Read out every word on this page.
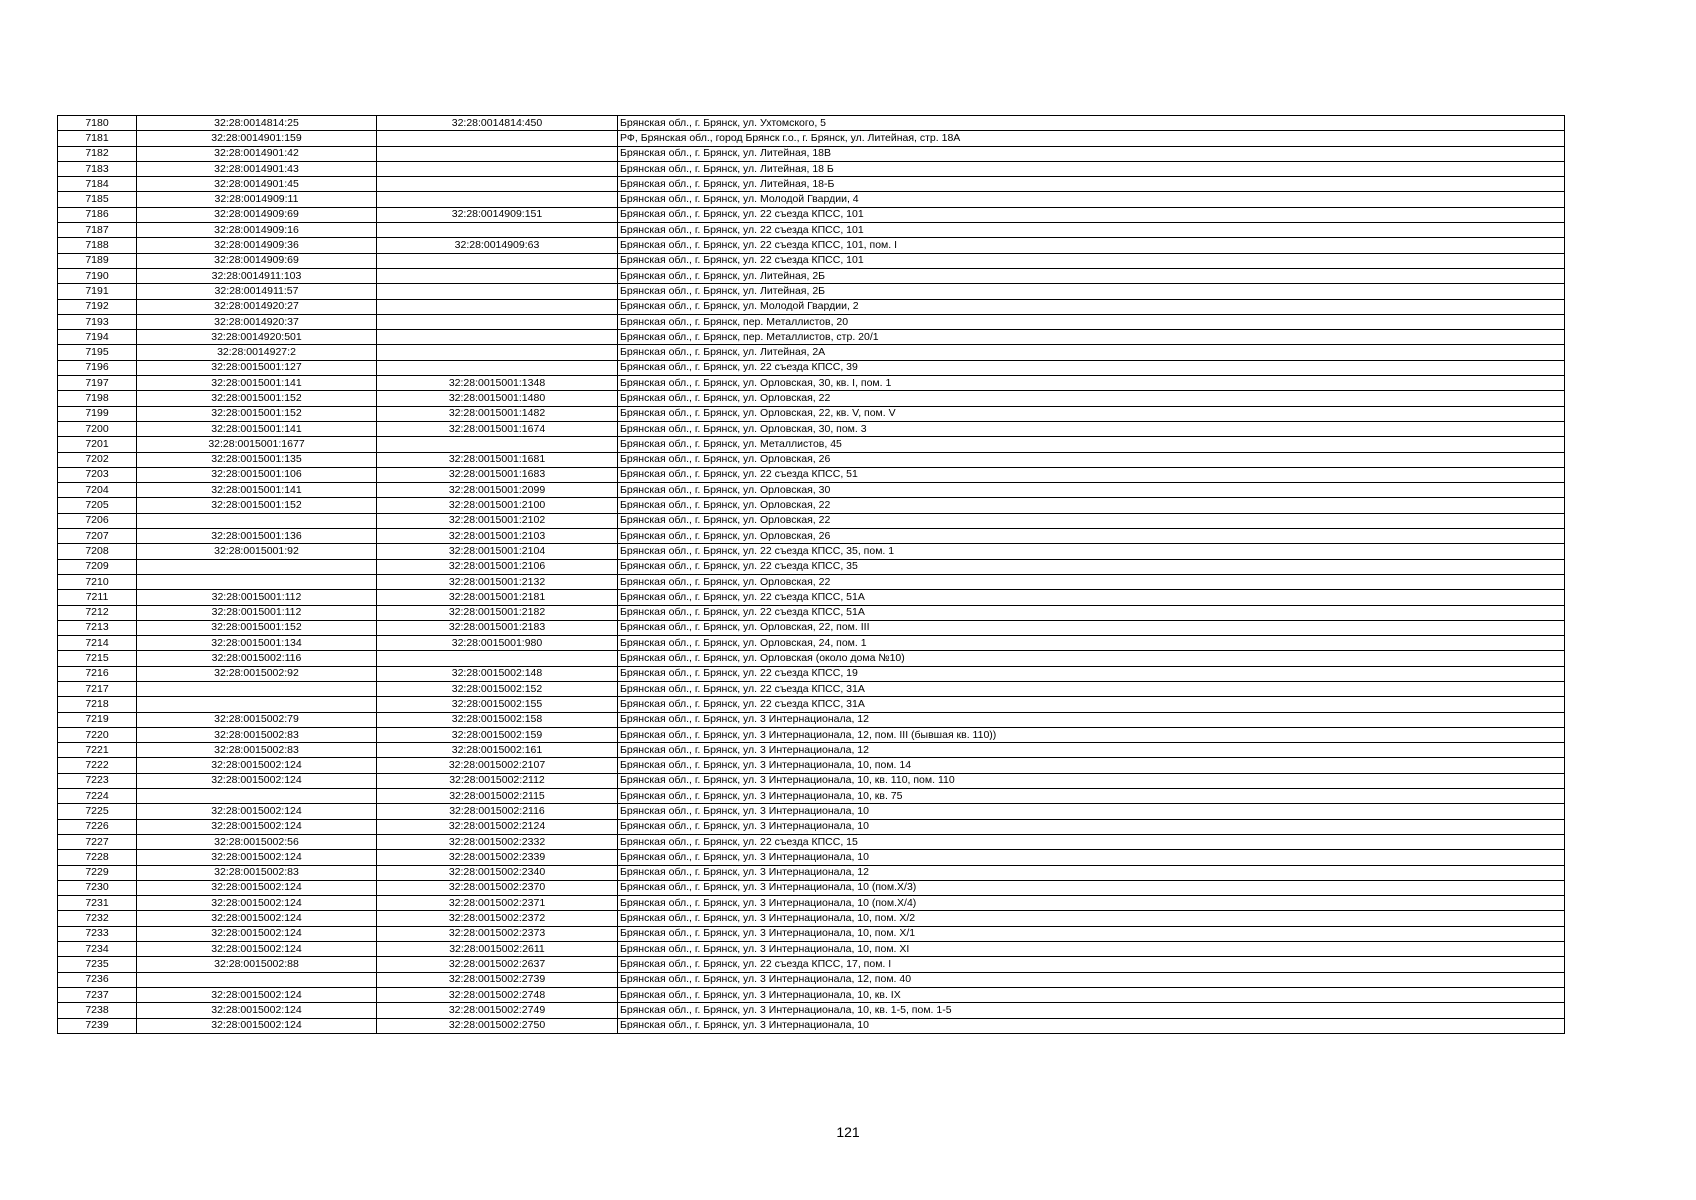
7180	32:28:0014814:25	32:28:0014814:450	Брянская обл., г. Брянск, ул. Ухтомского, 5
7181	32:28:0014901:159		РФ, Брянская обл., город Брянск г.о., г. Брянск, ул. Литейная, стр. 18А
7182	32:28:0014901:42		Брянская обл., г. Брянск, ул. Литейная, 18В
7183	32:28:0014901:43		Брянская обл., г. Брянск, ул. Литейная, 18 Б
7184	32:28:0014901:45		Брянская обл., г. Брянск, ул. Литейная, 18-Б
7185	32:28:0014909:11		Брянская обл., г. Брянск, ул. Молодой Гвардии, 4
7186	32:28:0014909:69	32:28:0014909:151	Брянская обл., г. Брянск, ул. 22 съезда КПСС, 101
7187	32:28:0014909:16		Брянская обл., г. Брянск, ул. 22 съезда КПСС, 101
7188	32:28:0014909:36	32:28:0014909:63	Брянская обл., г. Брянск, ул. 22 съезда КПСС, 101, пом. I
7189	32:28:0014909:69		Брянская обл., г. Брянск, ул. 22 съезда КПСС, 101
7190	32:28:0014911:103		Брянская обл., г. Брянск, ул. Литейная, 2Б
7191	32:28:0014911:57		Брянская обл., г. Брянск, ул. Литейная, 2Б
7192	32:28:0014920:27		Брянская обл., г. Брянск, ул. Молодой Гвардии, 2
7193	32:28:0014920:37		Брянская обл., г. Брянск, пер. Металлистов, 20
7194	32:28:0014920:501		Брянская обл., г. Брянск, пер. Металлистов, стр. 20/1
7195	32:28:0014927:2		Брянская обл., г. Брянск, ул. Литейная, 2А
7196	32:28:0015001:127		Брянская обл., г. Брянск, ул. 22 съезда КПСС, 39
7197	32:28:0015001:141	32:28:0015001:1348	Брянская обл., г. Брянск, ул. Орловская, 30, кв. I, пом. 1
7198	32:28:0015001:152	32:28:0015001:1480	Брянская обл., г. Брянск, ул. Орловская, 22
7199	32:28:0015001:152	32:28:0015001:1482	Брянская обл., г. Брянск, ул. Орловская, 22, кв. V, пом. V
7200	32:28:0015001:141	32:28:0015001:1674	Брянская обл., г. Брянск, ул. Орловская, 30, пом. 3
7201	32:28:0015001:1677		Брянская обл., г. Брянск, ул. Металлистов, 45
7202	32:28:0015001:135	32:28:0015001:1681	Брянская обл., г. Брянск, ул. Орловская, 26
7203	32:28:0015001:106	32:28:0015001:1683	Брянская обл., г. Брянск, ул. 22 съезда КПСС, 51
7204	32:28:0015001:141	32:28:0015001:2099	Брянская обл., г. Брянск, ул. Орловская, 30
7205	32:28:0015001:152	32:28:0015001:2100	Брянская обл., г. Брянск, ул. Орловская, 22
7206		32:28:0015001:2102	Брянская обл., г. Брянск, ул. Орловская, 22
7207	32:28:0015001:136	32:28:0015001:2103	Брянская обл., г. Брянск, ул. Орловская, 26
7208	32:28:0015001:92	32:28:0015001:2104	Брянская обл., г. Брянск, ул. 22 съезда КПСС, 35, пом. 1
7209		32:28:0015001:2106	Брянская обл., г. Брянск, ул. 22 съезда КПСС, 35
7210		32:28:0015001:2132	Брянская обл., г. Брянск, ул. Орловская, 22
7211	32:28:0015001:112	32:28:0015001:2181	Брянская обл., г. Брянск, ул. 22 съезда КПСС, 51А
7212	32:28:0015001:112	32:28:0015001:2182	Брянская обл., г. Брянск, ул. 22 съезда КПСС, 51А
7213	32:28:0015001:152	32:28:0015001:2183	Брянская обл., г. Брянск, ул. Орловская, 22, пом. III
7214	32:28:0015001:134	32:28:0015001:980	Брянская обл., г. Брянск, ул. Орловская, 24, пом. 1
7215	32:28:0015002:116		Брянская обл., г. Брянск, ул. Орловская (около дома №10)
7216	32:28:0015002:92	32:28:0015002:148	Брянская обл., г. Брянск, ул. 22 съезда КПСС, 19
7217		32:28:0015002:152	Брянская обл., г. Брянск, ул. 22 съезда КПСС, 31А
7218		32:28:0015002:155	Брянская обл., г. Брянск, ул. 22 съезда КПСС, 31А
7219	32:28:0015002:79	32:28:0015002:158	Брянская обл., г. Брянск, ул. 3 Интернационала, 12
7220	32:28:0015002:83	32:28:0015002:159	Брянская обл., г. Брянск, ул. 3 Интернационала, 12, пом. III (бывшая кв. 110))
7221	32:28:0015002:83	32:28:0015002:161	Брянская обл., г. Брянск, ул. 3 Интернационала, 12
7222	32:28:0015002:124	32:28:0015002:2107	Брянская обл., г. Брянск, ул. 3 Интернационала, 10, пом. 14
7223	32:28:0015002:124	32:28:0015002:2112	Брянская обл., г. Брянск, ул. 3 Интернационала, 10, кв. 110, пом. 110
7224		32:28:0015002:2115	Брянская обл., г. Брянск, ул. 3 Интернационала, 10, кв. 75
7225	32:28:0015002:124	32:28:0015002:2116	Брянская обл., г. Брянск, ул. 3 Интернационала, 10
7226	32:28:0015002:124	32:28:0015002:2124	Брянская обл., г. Брянск, ул. 3 Интернационала, 10
7227	32:28:0015002:56	32:28:0015002:2332	Брянская обл., г. Брянск, ул. 22 съезда КПСС, 15
7228	32:28:0015002:124	32:28:0015002:2339	Брянская обл., г. Брянск, ул. 3 Интернационала, 10
7229	32:28:0015002:83	32:28:0015002:2340	Брянская обл., г. Брянск, ул. 3 Интернационала, 12
7230	32:28:0015002:124	32:28:0015002:2370	Брянская обл., г. Брянск, ул. 3 Интернационала, 10 (пом.Х/3)
7231	32:28:0015002:124	32:28:0015002:2371	Брянская обл., г. Брянск, ул. 3 Интернационала, 10 (пом.Х/4)
7232	32:28:0015002:124	32:28:0015002:2372	Брянская обл., г. Брянск, ул. 3 Интернационала, 10, пом. Х/2
7233	32:28:0015002:124	32:28:0015002:2373	Брянская обл., г. Брянск, ул. 3 Интернационала, 10, пом. Х/1
7234	32:28:0015002:124	32:28:0015002:2611	Брянская обл., г. Брянск, ул. 3 Интернационала, 10, пом. XI
7235	32:28:0015002:88	32:28:0015002:2637	Брянская обл., г. Брянск, ул. 22 съезда КПСС, 17, пом. I
7236		32:28:0015002:2739	Брянская обл., г. Брянск, ул. 3 Интернационала, 12, пом. 40
7237	32:28:0015002:124	32:28:0015002:2748	Брянская обл., г. Брянск, ул. 3 Интернационала, 10, кв. IX
7238	32:28:0015002:124	32:28:0015002:2749	Брянская обл., г. Брянск, ул. 3 Интернационала, 10, кв. 1-5, пом. 1-5
7239	32:28:0015002:124	32:28:0015002:2750	Брянская обл., г. Брянск, ул. 3 Интернационала, 10
121
